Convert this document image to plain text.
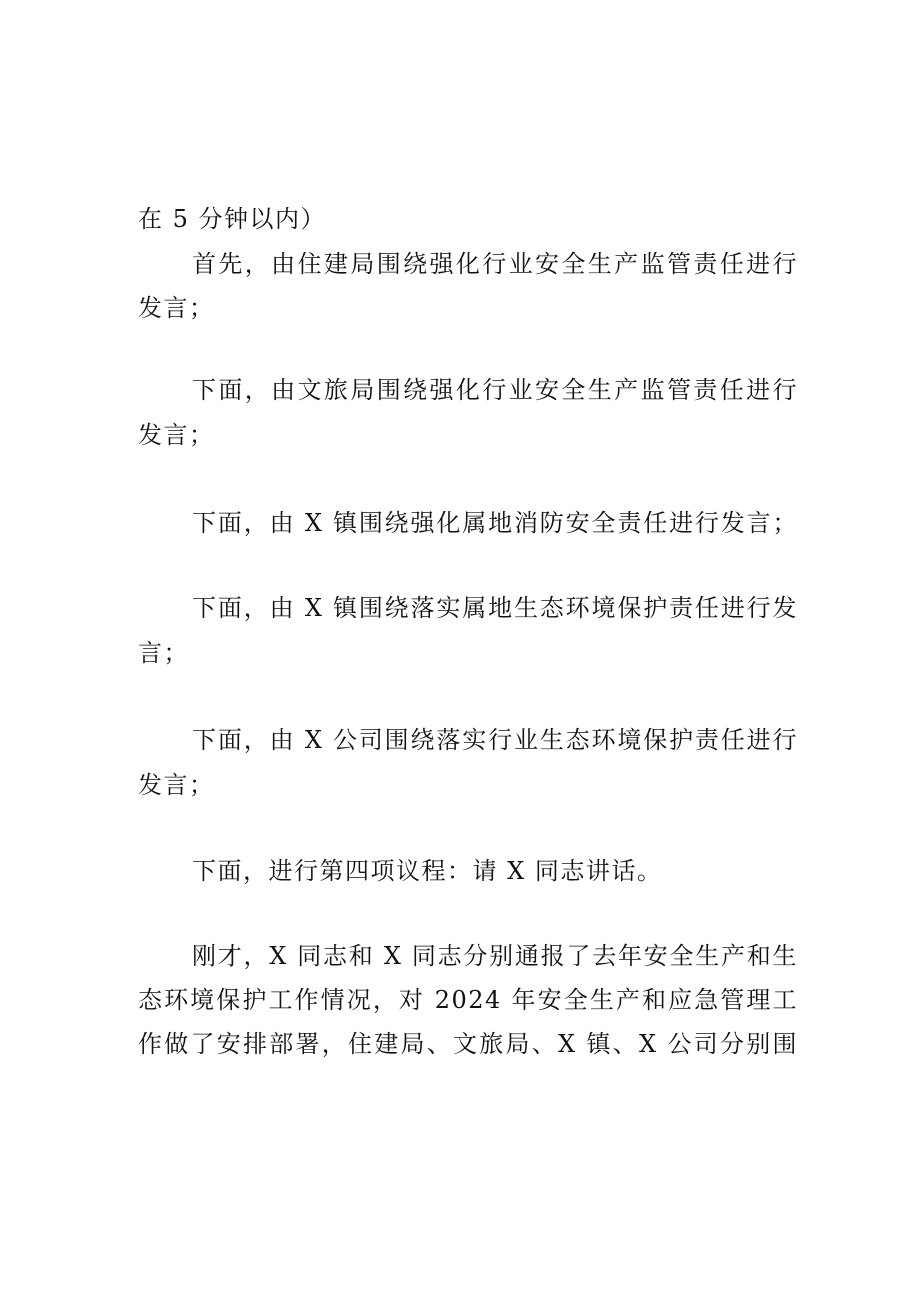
在 5 分钟以内）
首先，由住建局围绕强化行业安全生产监管责任进行
发言；
下面，由文旅局围绕强化行业安全生产监管责任进行
发言；
下面，由 X 镇围绕强化属地消防安全责任进行发言；
下面，由 X 镇围绕落实属地生态环境保护责任进行发
言；
下面，由 X 公司围绕落实行业生态环境保护责任进行
发言；
下面，进行第四项议程：请 X 同志讲话。
刚才，X 同志和 X 同志分别通报了去年安全生产和生
态环境保护工作情况，对 2024 年安全生产和应急管理工
作做了安排部署，住建局、文旅局、X 镇、X 公司分别围
